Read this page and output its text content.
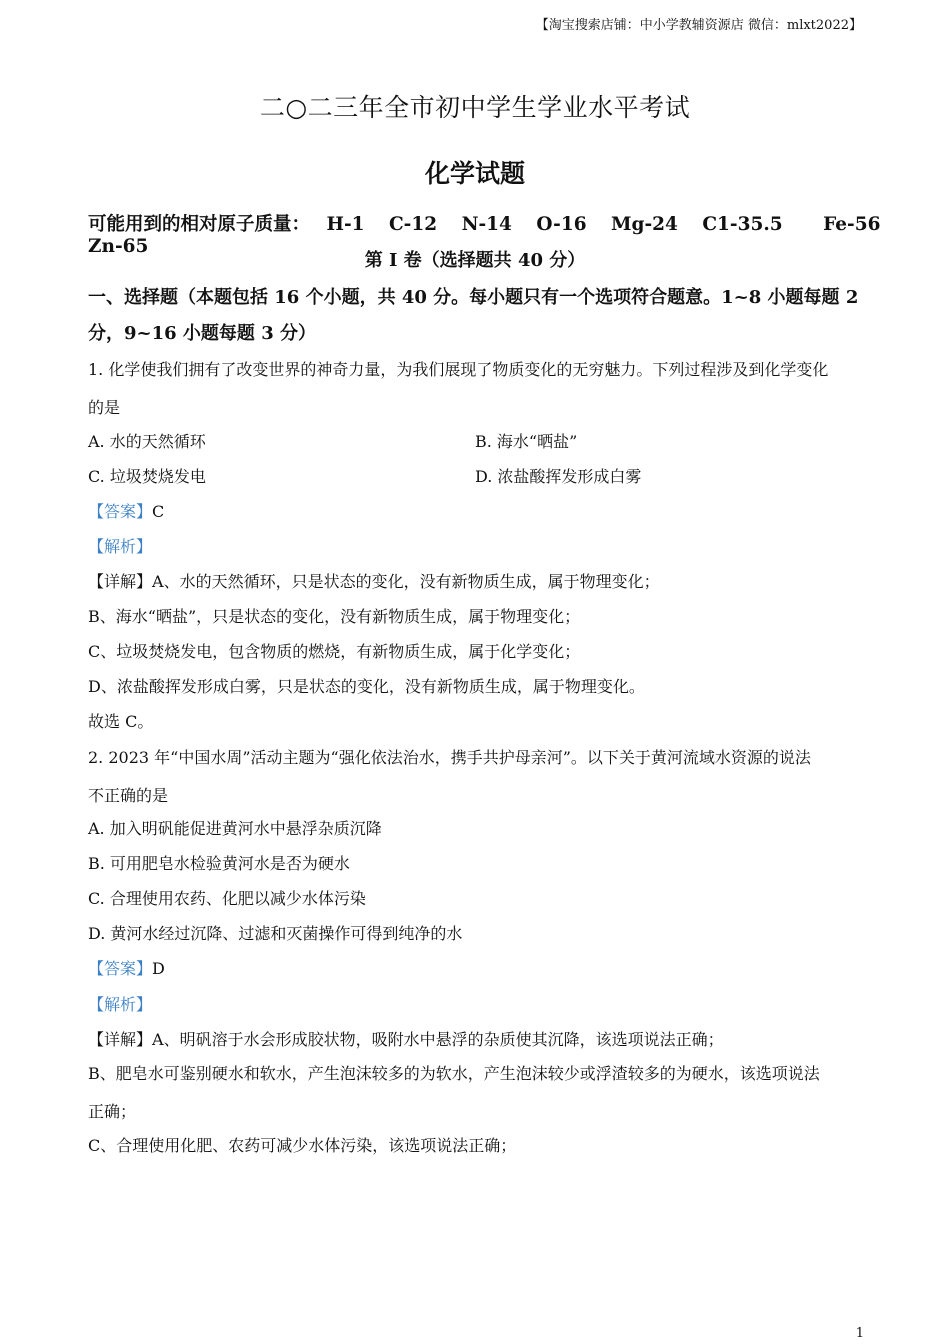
【淘宝搜索店铺：中小学教辅资源店 微信：mlxt2022】
二○二三年全市初中学生学业水平考试
化学试题
可能用到的相对原子质量： H-1 C-12 N-14 O-16 Mg-24 C1-35.5 Fe-56 Zn-65
第 I 卷（选择题共 40 分）
一、选择题（本题包括 16 个小题，共 40 分。每小题只有一个选项符合题意。1~8 小题每题 2
分，9~16 小题每题 3 分）
1. 化学使我们拥有了改变世界的神奇力量，为我们展现了物质变化的无穷魅力。下列过程涉及到化学变化
的是
A. 水的天然循环	B. 海水“晒盐”
C. 垃圾焚烧发电	D. 浓盐酸挥发形成白雾
【答案】C
【解析】
【详解】A、水的天然循环，只是状态的变化，没有新物质生成，属于物理变化；
B、海水“晒盐”，只是状态的变化，没有新物质生成，属于物理变化；
C、垃圾焚烧发电，包含物质的燃烧，有新物质生成，属于化学变化；
D、浓盐酸挥发形成白雾，只是状态的变化，没有新物质生成，属于物理变化。
故选 C。
2. 2023 年“中国水周”活动主题为“强化依法治水，携手共护母亲河”。以下关于黄河流域水资源的说法
不正确的是
A. 加入明矾能促进黄河水中悬浮杂质沉降
B. 可用肥皂水检验黄河水是否为硬水
C. 合理使用农药、化肥以减少水体污染
D. 黄河水经过沉降、过滤和灭菌操作可得到纯净的水
【答案】D
【解析】
【详解】A、明矾溶于水会形成胶状物，吸附水中悬浮的杂质使其沉降，该选项说法正确；
B、肥皂水可鉴别硬水和软水，产生泡沫较多的为软水，产生泡沫较少或浮渣较多的为硬水，该选项说法
正确；
C、合理使用化肥、农药可减少水体污染，该选项说法正确；
1
